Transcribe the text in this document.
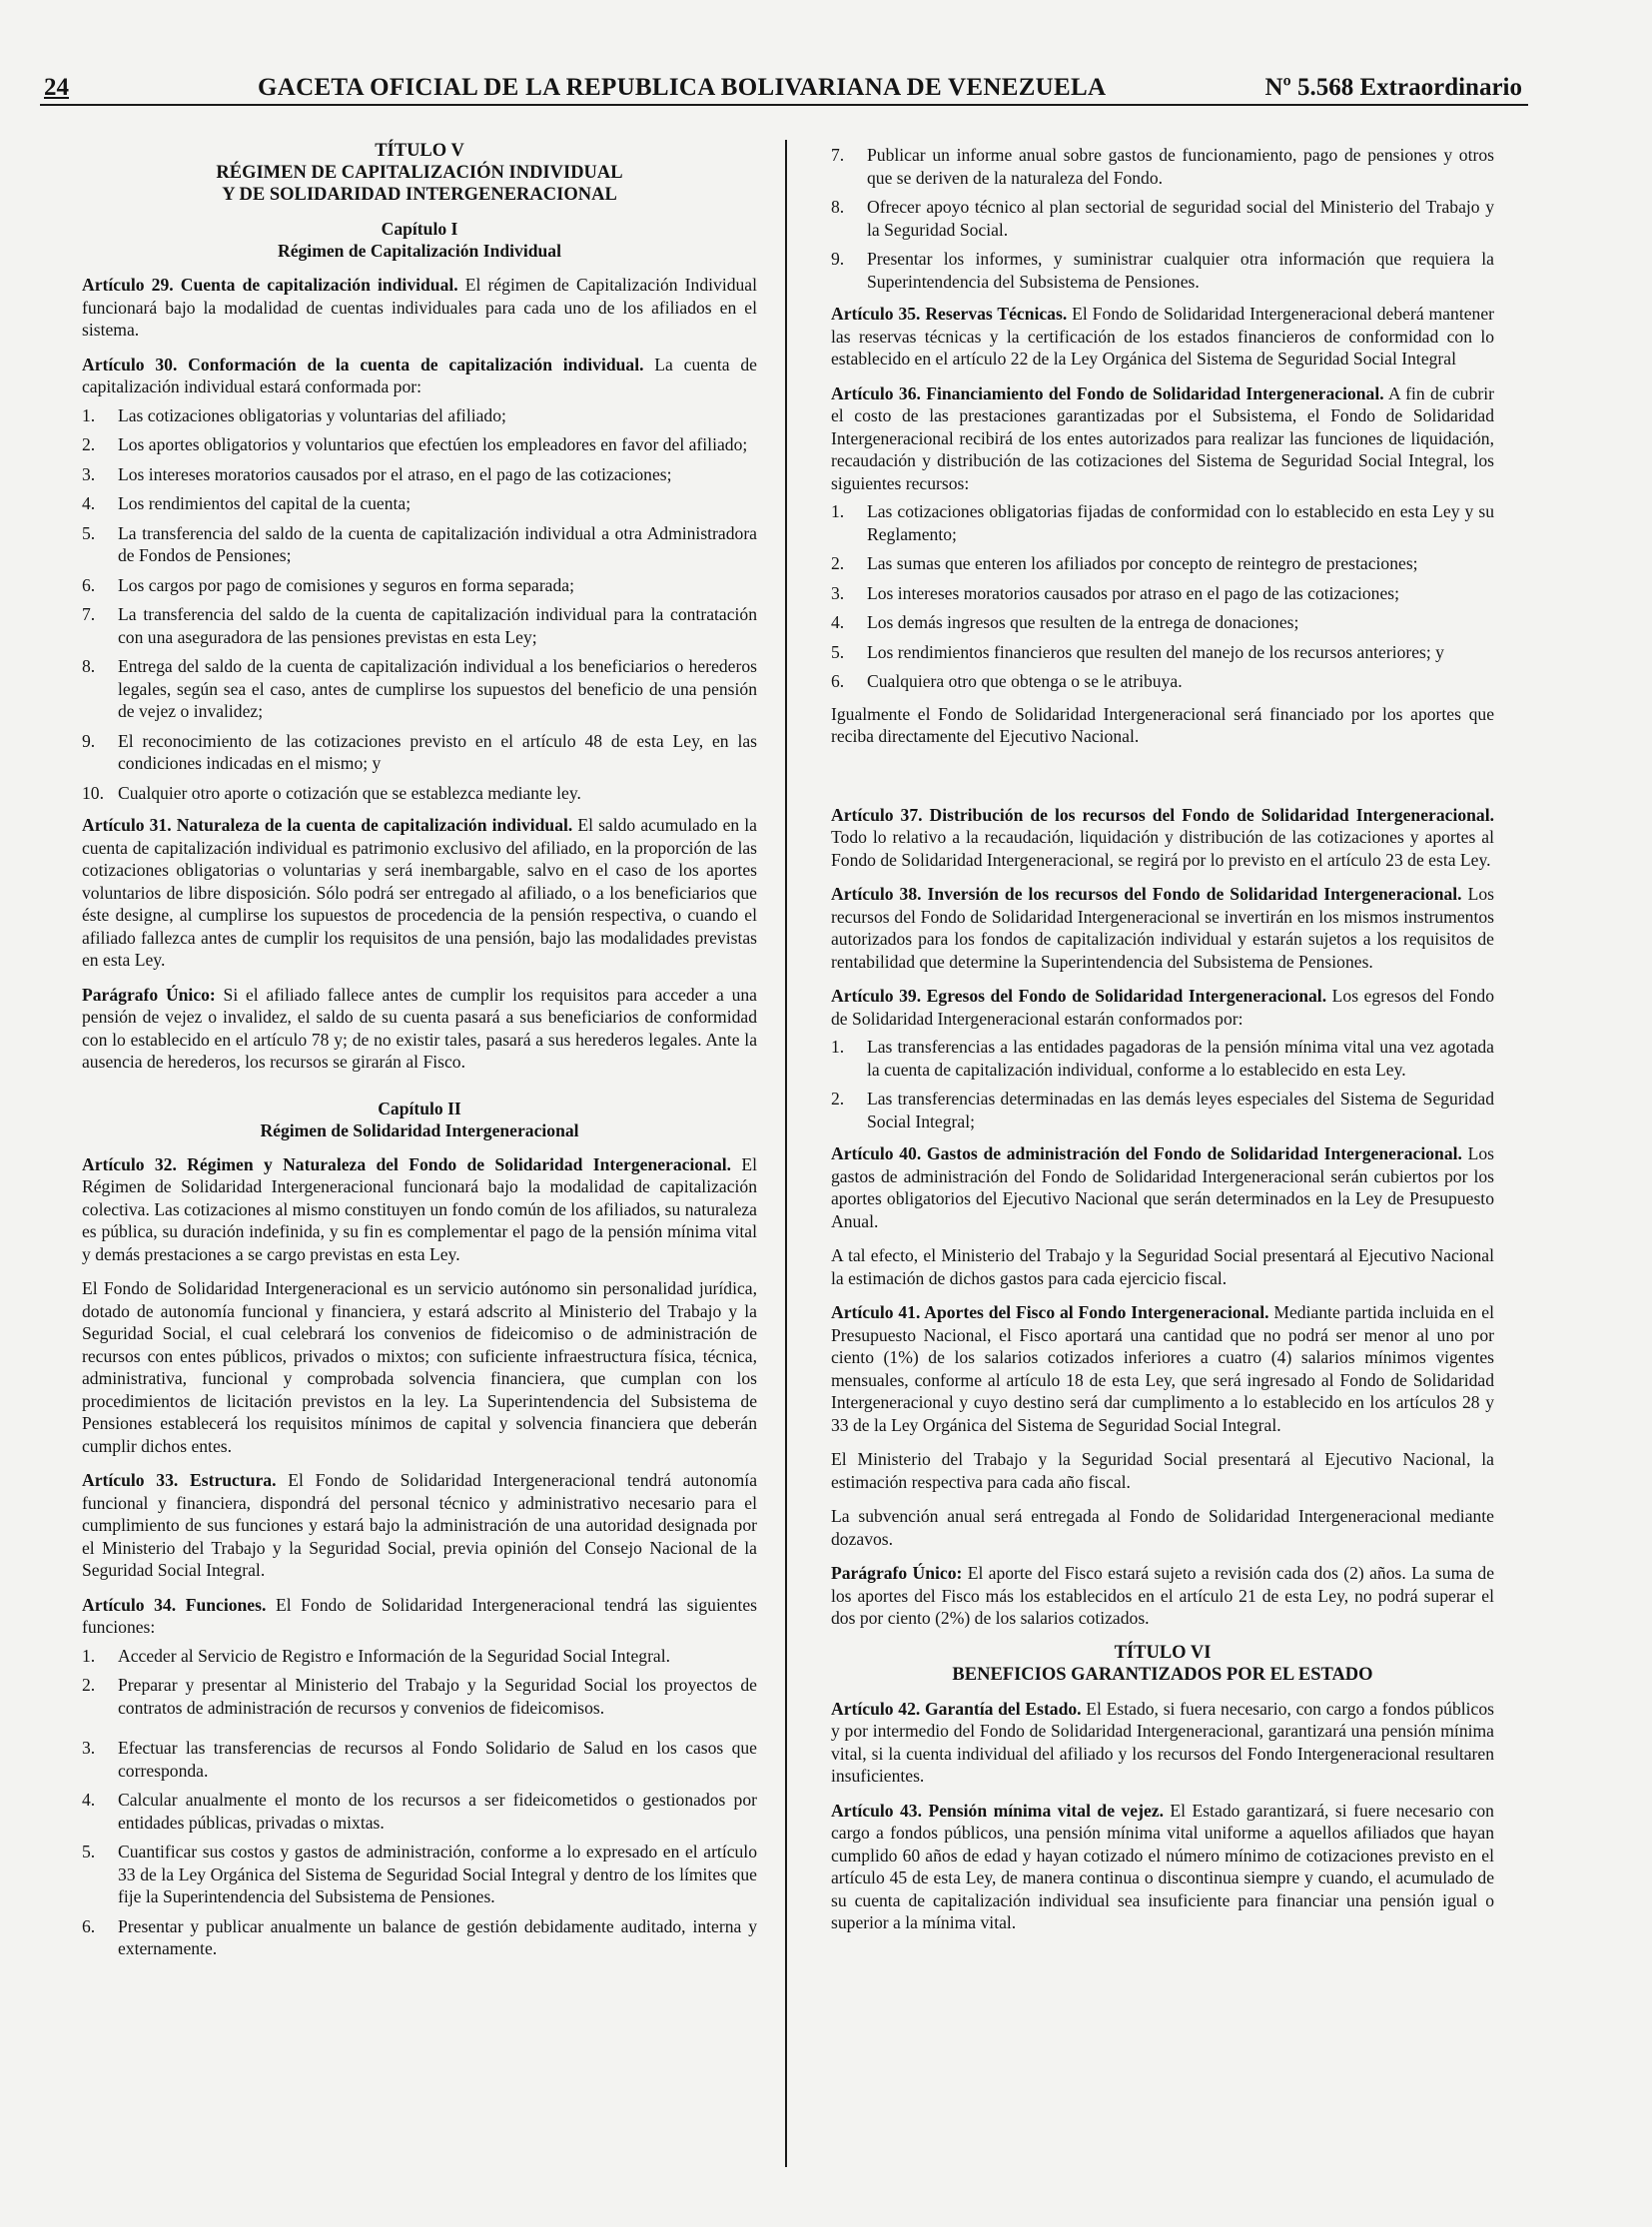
24	GACETA OFICIAL DE LA REPUBLICA BOLIVARIANA DE VENEZUELA	Nº 5.568 Extraordinario
TÍTULO V
RÉGIMEN DE CAPITALIZACIÓN INDIVIDUAL
Y DE SOLIDARIDAD INTERGENERACIONAL
Capítulo I
Régimen de Capitalización Individual

Artículo 29. Cuenta de capitalización individual. El régimen de Capitalización Individual funcionará bajo la modalidad de cuentas individuales para cada uno de los afiliados en el sistema.

Artículo 30. Conformación de la cuenta de capitalización individual. La cuenta de capitalización individual estará conformada por:

1. Las cotizaciones obligatorias y voluntarias del afiliado;
2. Los aportes obligatorios y voluntarios que efectúen los empleadores en favor del afiliado;
3. Los intereses moratorios causados por el atraso, en el pago de las cotizaciones;
4. Los rendimientos del capital de la cuenta;
5. La transferencia del saldo de la cuenta de capitalización individual a otra Administradora de Fondos de Pensiones;
6. Los cargos por pago de comisiones y seguros en forma separada;
7. La transferencia del saldo de la cuenta de capitalización individual para la contratación con una aseguradora de las pensiones previstas en esta Ley;
8. Entrega del saldo de la cuenta de capitalización individual a los beneficiarios o herederos legales, según sea el caso, antes de cumplirse los supuestos del beneficio de una pensión de vejez o invalidez;
9. El reconocimiento de las cotizaciones previsto en el artículo 48 de esta Ley, en las condiciones indicadas en el mismo; y
10. Cualquier otro aporte o cotización que se establezca mediante ley.

Artículo 31. Naturaleza de la cuenta de capitalización individual. El saldo acumulado en la cuenta de capitalización individual es patrimonio exclusivo del afiliado, en la proporción de las cotizaciones obligatorias o voluntarias y será inembargable, salvo en el caso de los aportes voluntarios de libre disposición. Sólo podrá ser entregado al afiliado, o a los beneficiarios que éste designe, al cumplirse los supuestos de procedencia de la pensión respectiva, o cuando el afiliado fallezca antes de cumplir los requisitos de una pensión, bajo las modalidades previstas en esta Ley.

Parágrafo Único: Si el afiliado fallece antes de cumplir los requisitos para acceder a una pensión de vejez o invalidez, el saldo de su cuenta pasará a sus beneficiarios de conformidad con lo establecido en el artículo 78 y; de no existir tales, pasará a sus herederos legales. Ante la ausencia de herederos, los recursos se girarán al Fisco.

Capítulo II
Régimen de Solidaridad Intergeneracional

Artículo 32. Régimen y Naturaleza del Fondo de Solidaridad Intergeneracional. El Régimen de Solidaridad Intergeneracional funcionará bajo la modalidad de capitalización colectiva. Las cotizaciones al mismo constituyen un fondo común de los afiliados, su naturaleza es pública, su duración indefinida, y su fin es complementar el pago de la pensión mínima vital y demás prestaciones a se cargo previstas en esta Ley.

El Fondo de Solidaridad Intergeneracional es un servicio autónomo sin personalidad jurídica, dotado de autonomía funcional y financiera, y estará adscrito al Ministerio del Trabajo y la Seguridad Social, el cual celebrará los convenios de fideicomiso o de administración de recursos con entes públicos, privados o mixtos; con suficiente infraestructura física, técnica, administrativa, funcional y comprobada solvencia financiera, que cumplan con los procedimientos de licitación previstos en la ley. La Superintendencia del Subsistema de Pensiones establecerá los requisitos mínimos de capital y solvencia financiera que deberán cumplir dichos entes.

Artículo 33. Estructura. El Fondo de Solidaridad Intergeneracional tendrá autonomía funcional y financiera, dispondrá del personal técnico y administrativo necesario para el cumplimiento de sus funciones y estará bajo la administración de una autoridad designada por el Ministerio del Trabajo y la Seguridad Social, previa opinión del Consejo Nacional de la Seguridad Social Integral.

Artículo 34. Funciones. El Fondo de Solidaridad Intergeneracional tendrá las siguientes funciones:

1. Acceder al Servicio de Registro e Información de la Seguridad Social Integral.
2. Preparar y presentar al Ministerio del Trabajo y la Seguridad Social los proyectos de contratos de administración de recursos y convenios de fideicomisos.
3. Efectuar las transferencias de recursos al Fondo Solidario de Salud en los casos que corresponda.
4. Calcular anualmente el monto de los recursos a ser fideicometidos o gestionados por entidades públicas, privadas o mixtas.
5. Cuantificar sus costos y gastos de administración, conforme a lo expresado en el artículo 33 de la Ley Orgánica del Sistema de Seguridad Social Integral y dentro de los límites que fije la Superintendencia del Subsistema de Pensiones.
6. Presentar y publicar anualmente un balance de gestión debidamente auditado, interna y externamente.
7. Publicar un informe anual sobre gastos de funcionamiento, pago de pensiones y otros que se deriven de la naturaleza del Fondo.
8. Ofrecer apoyo técnico al plan sectorial de seguridad social del Ministerio del Trabajo y la Seguridad Social.
9. Presentar los informes, y suministrar cualquier otra información que requiera la Superintendencia del Subsistema de Pensiones.

Artículo 35. Reservas Técnicas. El Fondo de Solidaridad Intergeneracional deberá mantener las reservas técnicas y la certificación de los estados financieros de conformidad con lo establecido en el artículo 22 de la Ley Orgánica del Sistema de Seguridad Social Integral

Artículo 36. Financiamiento del Fondo de Solidaridad Intergeneracional. A fin de cubrir el costo de las prestaciones garantizadas por el Subsistema, el Fondo de Solidaridad Intergeneracional recibirá de los entes autorizados para realizar las funciones de liquidación, recaudación y distribución de las cotizaciones del Sistema de Seguridad Social Integral, los siguientes recursos:

1. Las cotizaciones obligatorias fijadas de conformidad con lo establecido en esta Ley y su Reglamento;
2. Las sumas que enteren los afiliados por concepto de reintegro de prestaciones;
3. Los intereses moratorios causados por atraso en el pago de las cotizaciones;
4. Los demás ingresos que resulten de la entrega de donaciones;
5. Los rendimientos financieros que resulten del manejo de los recursos anteriores; y
6. Cualquiera otro que obtenga o se le atribuya.

Igualmente el Fondo de Solidaridad Intergeneracional será financiado por los aportes que reciba directamente del Ejecutivo Nacional.

Artículo 37. Distribución de los recursos del Fondo de Solidaridad Intergeneracional. Todo lo relativo a la recaudación, liquidación y distribución de las cotizaciones y aportes al Fondo de Solidaridad Intergeneracional, se regirá por lo previsto en el artículo 23 de esta Ley.

Artículo 38. Inversión de los recursos del Fondo de Solidaridad Intergeneracional. Los recursos del Fondo de Solidaridad Intergeneracional se invertirán en los mismos instrumentos autorizados para los fondos de capitalización individual y estarán sujetos a los requisitos de rentabilidad que determine la Superintendencia del Subsistema de Pensiones.

Artículo 39. Egresos del Fondo de Solidaridad Intergeneracional. Los egresos del Fondo de Solidaridad Intergeneracional estarán conformados por:

1. Las transferencias a las entidades pagadoras de la pensión mínima vital una vez agotada la cuenta de capitalización individual, conforme a lo establecido en esta Ley.
2. Las transferencias determinadas en las demás leyes especiales del Sistema de Seguridad Social Integral;

Artículo 40. Gastos de administración del Fondo de Solidaridad Intergeneracional. Los gastos de administración del Fondo de Solidaridad Intergeneracional serán cubiertos por los aportes obligatorios del Ejecutivo Nacional que serán determinados en la Ley de Presupuesto Anual.

A tal efecto, el Ministerio del Trabajo y la Seguridad Social presentará al Ejecutivo Nacional la estimación de dichos gastos para cada ejercicio fiscal.

Artículo 41. Aportes del Fisco al Fondo Intergeneracional. Mediante partida incluida en el Presupuesto Nacional, el Fisco aportará una cantidad que no podrá ser menor al uno por ciento (1%) de los salarios cotizados inferiores a cuatro (4) salarios mínimos vigentes mensuales, conforme al artículo 18 de esta Ley, que será ingresado al Fondo de Solidaridad Intergeneracional y cuyo destino será dar cumplimento a lo establecido en los artículos 28 y 33 de la Ley Orgánica del Sistema de Seguridad Social Integral.

El Ministerio del Trabajo y la Seguridad Social presentará al Ejecutivo Nacional, la estimación respectiva para cada año fiscal.

La subvención anual será entregada al Fondo de Solidaridad Intergeneracional mediante dozavos.

Parágrafo Único: El aporte del Fisco estará sujeto a revisión cada dos (2) años. La suma de los aportes del Fisco más los establecidos en el artículo 21 de esta Ley, no podrá superar el dos por ciento (2%) de los salarios cotizados.

TÍTULO VI
BENEFICIOS GARANTIZADOS POR EL ESTADO

Artículo 42. Garantía del Estado. El Estado, si fuera necesario, con cargo a fondos públicos y por intermedio del Fondo de Solidaridad Intergeneracional, garantizará una pensión mínima vital, si la cuenta individual del afiliado y los recursos del Fondo Intergeneracional resultaren insuficientes.

Artículo 43. Pensión mínima vital de vejez. El Estado garantizará, si fuere necesario con cargo a fondos públicos, una pensión mínima vital uniforme a aquellos afiliados que hayan cumplido 60 años de edad y hayan cotizado el número mínimo de cotizaciones previsto en el artículo 45 de esta Ley, de manera continua o discontinua siempre y cuando, el acumulado de su cuenta de capitalización individual sea insuficiente para financiar una pensión igual o superior a la mínima vital.
